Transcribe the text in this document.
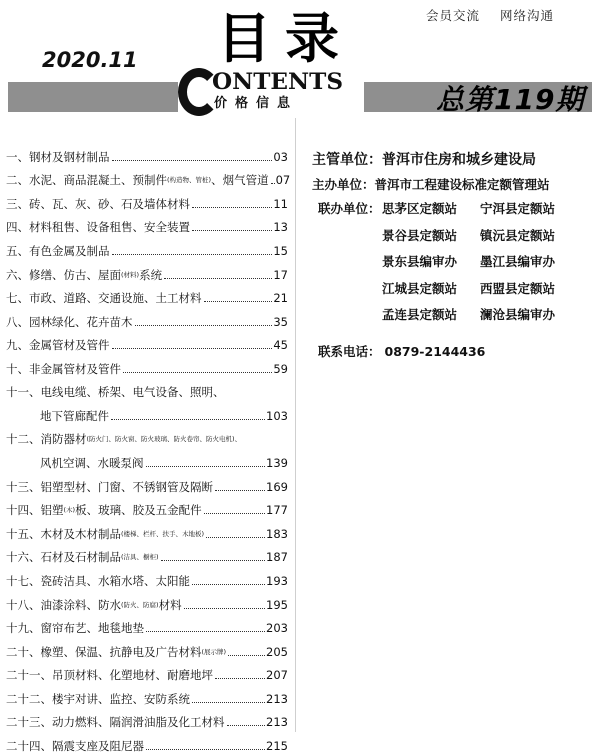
会员交流 网络沟通
2020.11 目录
ONTENTS
价格信息	总第119期
一、 钢材及钢材制品	03
二、 水泥、商品混凝土、预制件 (构造物、管桩) 、烟气管道 07
三、 砖、瓦、灰、砂、石及墙体材料	11
四、 材料租售、设备租售、安全装置	13
五、 有色金属及制品	15
六、 修缮、仿古、屋面 (材料) 系统	17
七、 市政、道路、交通设施、土工材料	21
八、 园林绿化、花卉苗木	35
九、 金属管材及管件	45
十、 非金属管材及管件	59
十一、 电线电缆、桥架、电气设备、照明、
地下管廊配件	103
十二、 消防器材 (防火门、防火窗、防火玻璃、防火卷帘、防火电机)、
风机空调、水暖泵阀	139
十三、 铝塑型材、门窗、不锈钢管及隔断	169
十四、 铝塑 (木) 板、玻璃、胶及五金配件	177
十五、 木材及木材制品 (楼梯、栏杆、扶手、木地板)	183
十六、 石材及石材制品 (洁具、橱柜)	187
十七、 瓷砖洁具、水箱水塔、太阳能	193
十八、 油漆涂料、防水 (防火、防腐) 材料	195
十九、 窗帘布艺、地毯地垫	203
二十、 橡塑、保温、抗静电及广告材料 (展示牌)	205
二十一、 吊顶材料、化塑地材、耐磨地坪	207
二十二、 楼宇对讲、监控、安防系统	213
二十三、 动力燃料、隔润滑油脂及化工材料	213
二十四、 隔震支座及阻尼器	215
主管单位： 普洱市住房和城乡建设局
主办单位： 普洱市工程建设标准定额管理站
联办单位： 思茅区定额站	宁洱县定额站
景谷县定额站	镇沅县定额站
景东县编审办	墨江县编审办
江城县定额站	西盟县定额站
孟连县定额站	澜沧县编审办
联系电话： 0879-2144436
